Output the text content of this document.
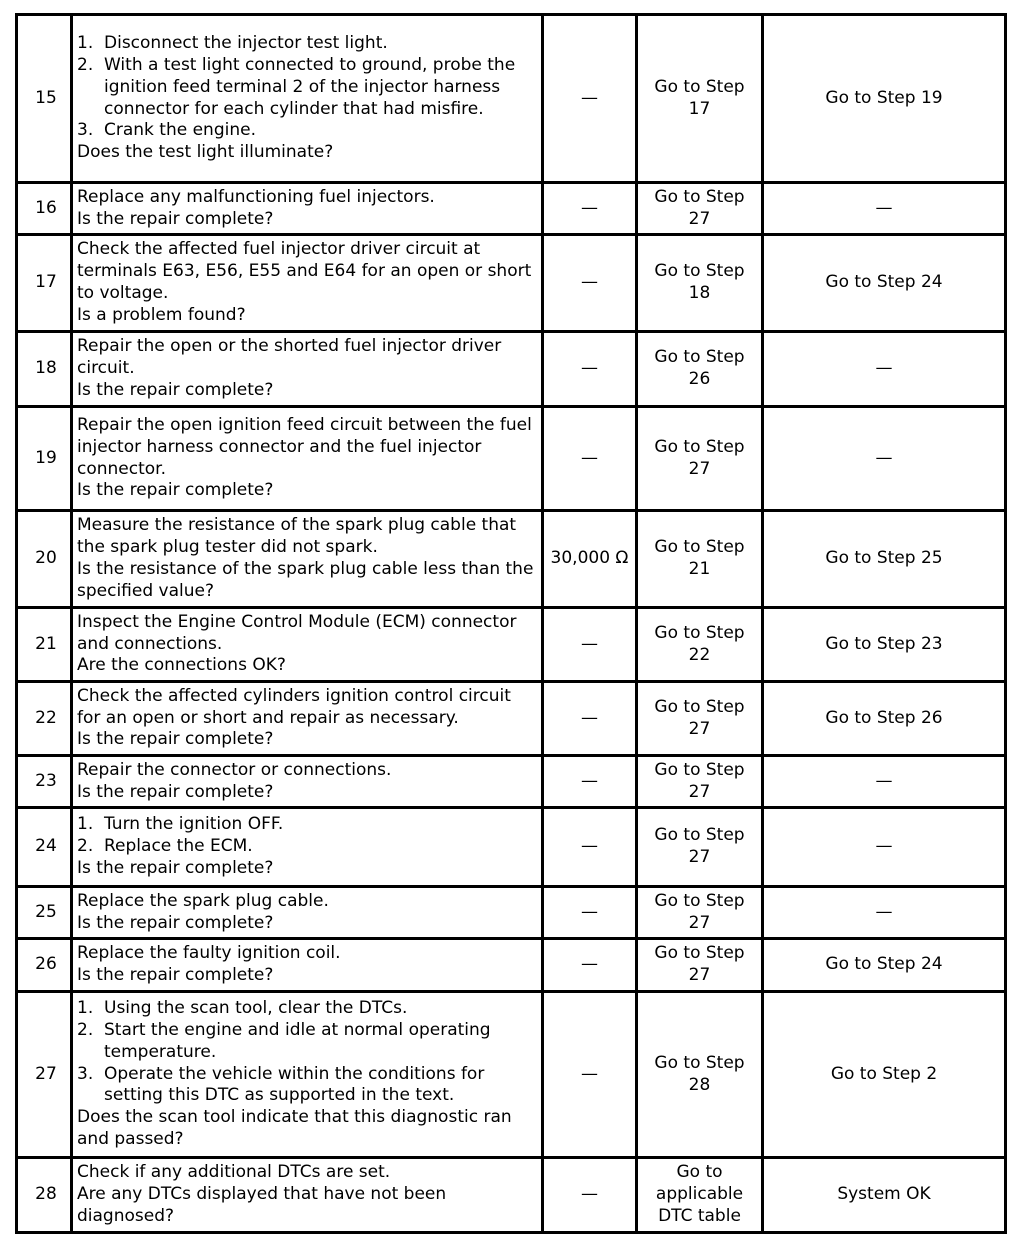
15	1. Disconnect the injector test light.
2. With a test light connected to ground, probe the ignition feed terminal 2 of the injector harness connector for each cylinder that had misfire.
3. Crank the engine.
Does the test light illuminate?	—	Go to Step 17	Go to Step 19
16	Replace any malfunctioning fuel injectors.
Is the repair complete?	—	Go to Step 27	—
17	Check the affected fuel injector driver circuit at terminals E63, E56, E55 and E64 for an open or short to voltage.
Is a problem found?	—	Go to Step 18	Go to Step 24
18	Repair the open or the shorted fuel injector driver circuit.
Is the repair complete?	—	Go to Step 26	—
19	Repair the open ignition feed circuit between the fuel injector harness connector and the fuel injector connector.
Is the repair complete?	—	Go to Step 27	—
20	Measure the resistance of the spark plug cable that the spark plug tester did not spark.
Is the resistance of the spark plug cable less than the specified value?	30,000 Ω	Go to Step 21	Go to Step 25
21	Inspect the Engine Control Module (ECM) connector and connections.
Are the connections OK?	—	Go to Step 22	Go to Step 23
22	Check the affected cylinders ignition control circuit for an open or short and repair as necessary.
Is the repair complete?	—	Go to Step 27	Go to Step 26
23	Repair the connector or connections.
Is the repair complete?	—	Go to Step 27	—
24	1. Turn the ignition OFF.
2. Replace the ECM.
Is the repair complete?	—	Go to Step 27	—
25	Replace the spark plug cable.
Is the repair complete?	—	Go to Step 27	—
26	Replace the faulty ignition coil.
Is the repair complete?	—	Go to Step 27	Go to Step 24
27	1. Using the scan tool, clear the DTCs.
2. Start the engine and idle at normal operating temperature.
3. Operate the vehicle within the conditions for setting this DTC as supported in the text.
Does the scan tool indicate that this diagnostic ran and passed?	—	Go to Step 28	Go to Step 2
28	Check if any additional DTCs are set.
Are any DTCs displayed that have not been diagnosed?	—	Go to applicable DTC table	System OK
